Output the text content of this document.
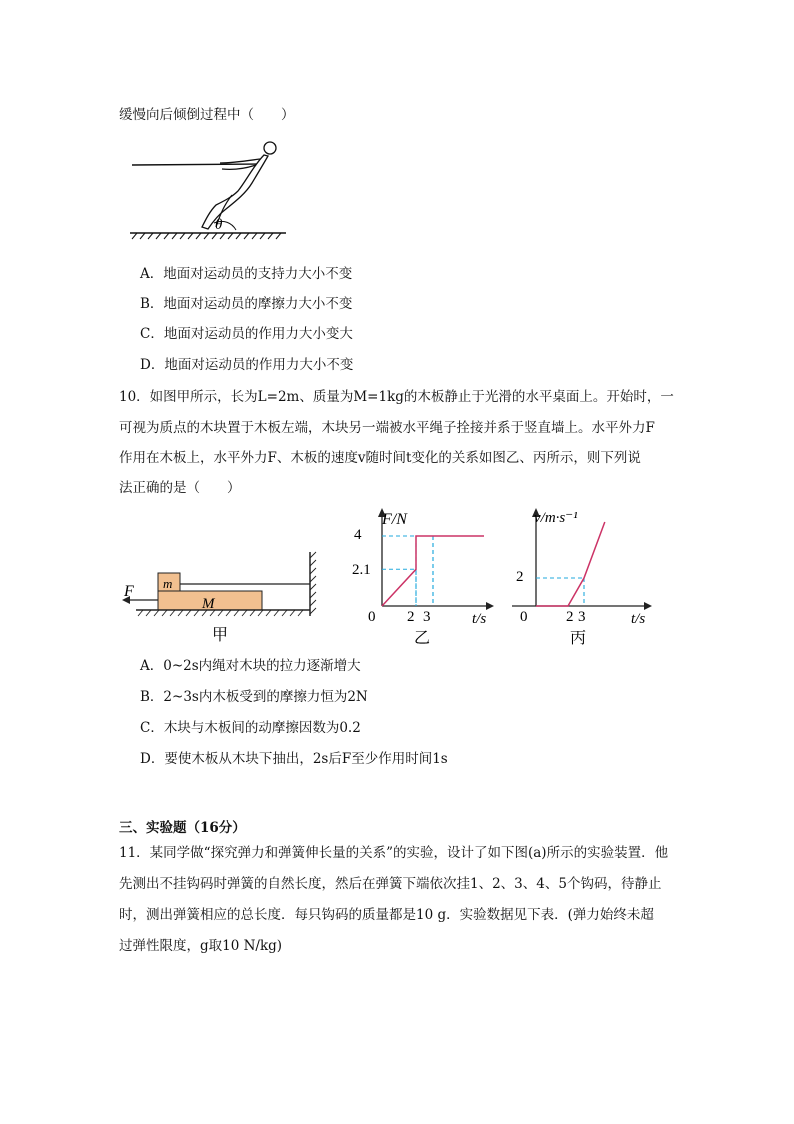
缓慢向后倾倒过程中（　　）
θ
A．地面对运动员的支持力大小不变
B．地面对运动员的摩擦力大小不变
C．地面对运动员的作用力大小变大
D．地面对运动员的作用力大小不变
10．如图甲所示，长为L=2m、质量为M=1kg的木板静止于光滑的水平桌面上。开始时，一
可视为质点的木块置于木板左端，木块另一端被水平绳子拴接并系于竖直墙上。水平外力F
作用在木板上，水平外力F、木板的速度v随时间t变化的关系如图乙、丙所示，则下列说
法正确的是（　　）
F m
M
甲
F/N
4
2.1
0 2 3	t/s
乙
v/m·s⁻¹
2
0	2 3	t/s
丙
A．0~2s内绳对木块的拉力逐渐增大
B．2~3s内木板受到的摩擦力恒为2N
C．木块与木板间的动摩擦因数为0.2
D．要使木板从木块下抽出，2s后F至少作用时间1s
三、实验题（16分）
11．某同学做“探究弹力和弹簧伸长量的关系”的实验，设计了如下图(a)所示的实验装置．他
先测出不挂钩码时弹簧的自然长度，然后在弹簧下端依次挂1、2、3、4、5个钩码，待静止
时，测出弹簧相应的总长度．每只钩码的质量都是10 g．实验数据见下表．(弹力始终未超
过弹性限度，g取10 N/kg)
